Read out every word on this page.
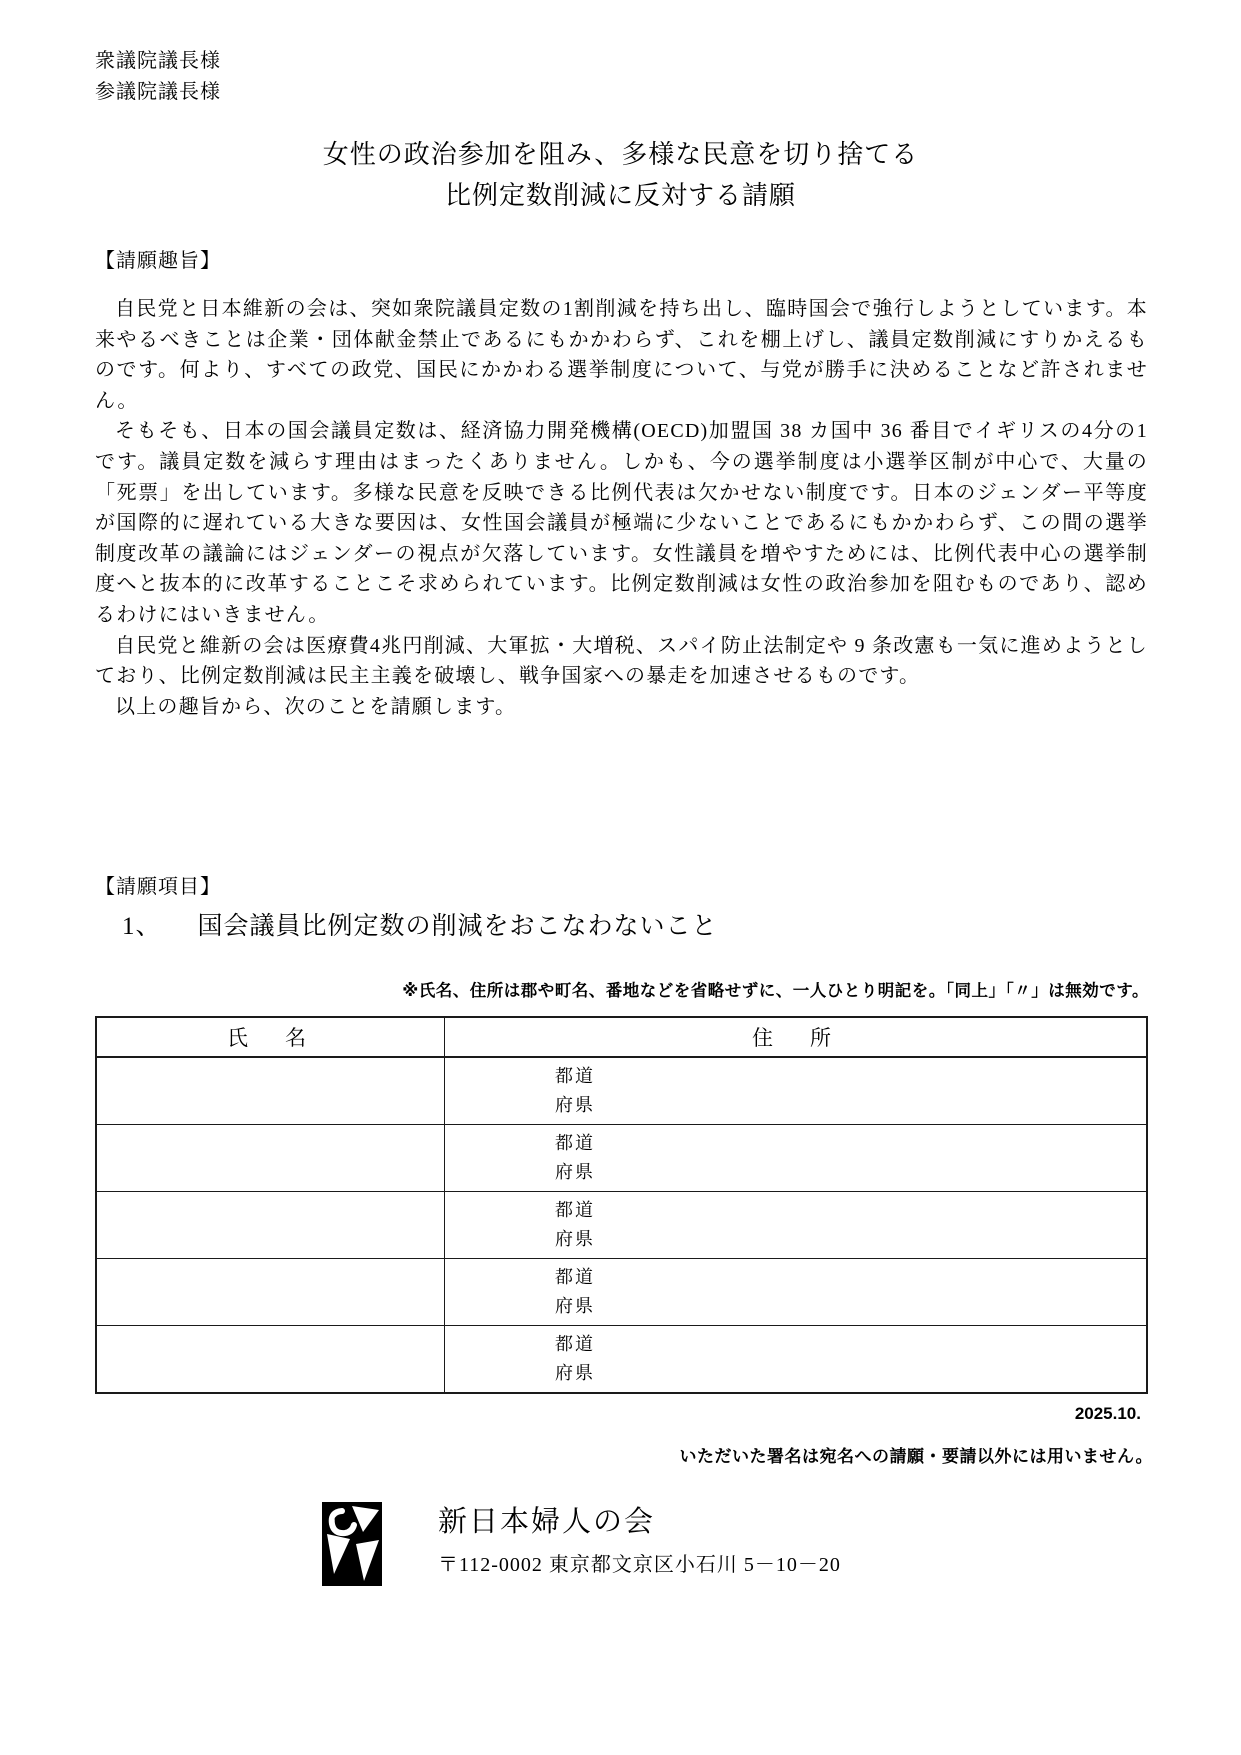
衆議院議長様
参議院議長様
女性の政治参加を阻み、多様な民意を切り捨てる
比例定数削減に反対する請願
【請願趣旨】

自民党と日本維新の会は、突如衆院議員定数の1割削減を持ち出し、臨時国会で強行しようとしています。本来やるべきことは企業・団体献金禁止であるにもかかわらず、これを棚上げし、議員定数削減にすりかえるものです。何より、すべての政党、国民にかかわる選挙制度について、与党が勝手に決めることなど許されません。

そもそも、日本の国会議員定数は、経済協力開発機構(OECD)加盟国 38 カ国中 36 番目でイギリスの4分の1です。議員定数を減らす理由はまったくありません。しかも、今の選挙制度は小選挙区制が中心で、大量の「死票」を出しています。多様な民意を反映できる比例代表は欠かせない制度です。日本のジェンダー平等度が国際的に遅れている大きな要因は、女性国会議員が極端に少ないことであるにもかかわらず、この間の選挙制度改革の議論にはジェンダーの視点が欠落しています。女性議員を増やすためには、比例代表中心の選挙制度へと抜本的に改革することこそ求められています。比例定数削減は女性の政治参加を阻むものであり、認めるわけにはいきません。

自民党と維新の会は医療費4兆円削減、大軍拡・大増税、スパイ防止法制定や 9 条改憲も一気に進めようとしており、比例定数削減は民主主義を破壊し、戦争国家への暴走を加速させるものです。

以上の趣旨から、次のことを請願します。

【請願項目】
1、 国会議員比例定数の削減をおこなわないこと
※氏名、住所は郡や町名、番地などを省略せずに、一人ひとり明記を。「同上」「〃」は無効です。
氏　名	住　所

	都道
府県

	都道
府県

	都道
府県

	都道
府県

	都道
府県
2025.10.
いただいた署名は宛名への請願・要請以外には用いません。
新日本婦人の会
〒112-0002 東京都文京区小石川 5－10－20
